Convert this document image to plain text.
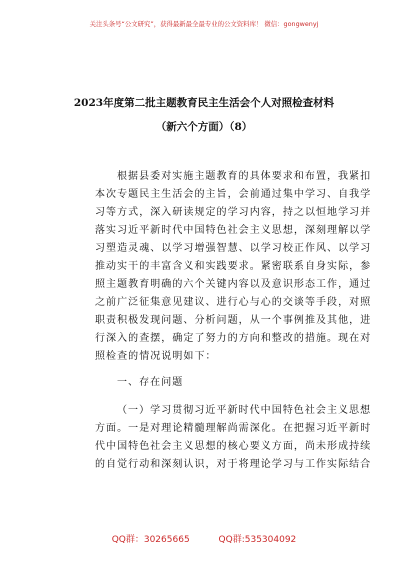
关注头条号“公文研究”，获得最新最全最专业的公文资料库！ 微信：gongwenyj
2023年度第二批主题教育民主生活会个人对照检查材料
（新六个方面）（8）
根据县委对实施主题教育的具体要求和布置，我紧扣
本次专题民主生活会的主旨，会前通过集中学习、自我学
习等方式，深入研读规定的学习内容，持之以恒地学习并
落实习近平新时代中国特色社会主义思想，深刻理解以学
习塑造灵魂、以学习增强智慧、以学习校正作风、以学习
推动实干的丰富含义和实践要求。紧密联系自身实际，参
照主题教育明确的六个关键内容以及意识形态工作，通过
之前广泛征集意见建议、进行心与心的交谈等手段，对照
职责积极发现问题、分析问题，从一个事例推及其他，进
行深入的查摆，确定了努力的方向和整改的措施。现在对
照检查的情况说明如下：
一、存在问题
（一）学习贯彻习近平新时代中国特色社会主义思想
方面。一是对理论精髓理解尚需深化。在把握习近平新时
代中国特色社会主义思想的核心要义方面，尚未形成持续
的自觉行动和深刻认识，对于将理论学习与工作实际结合
QQ群：30265665	QQ群:535304092
